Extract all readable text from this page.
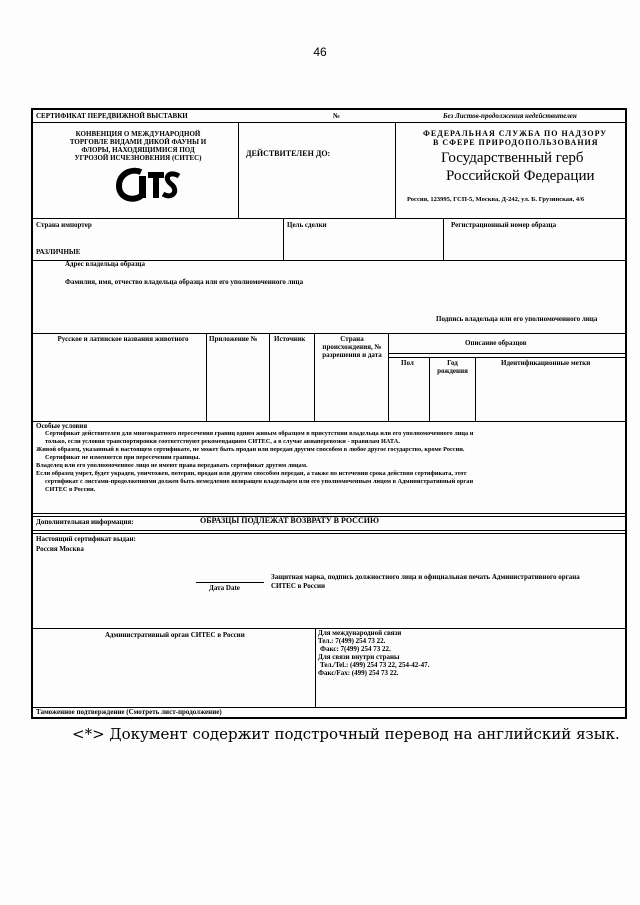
46
СЕРТИФИКАТ ПЕРЕДВИЖНОЙ ВЫСТАВКИ	№	Без Листов-продолжения недействителен
КОНВЕНЦИЯ О МЕЖДУНАРОДНОЙ
ТОРГОВЛЕ ВИДАМИ ДИКОЙ ФАУНЫ И
ФЛОРЫ, НАХОДЯЩИМИСЯ ПОД
УГРОЗОЙ ИСЧЕЗНОВЕНИЯ (СИТЕС)	ДЕЙСТВИТЕЛЕН ДО:
ФЕДЕРАЛЬНАЯ СЛУЖБА ПО НАДЗОРУ
В СФЕРЕ ПРИРОДОПОЛЬЗОВАНИЯ
Государственный герб
Российской Федерации
Россия, 123995, ГСП-5, Москва, Д-242, ул. Б. Грузинская, 4/6
Страна импортер
РАЗЛИЧНЫЕ
Цель сделки	Регистрационный номер образца
Адрес владельца образца
Фамилия, имя, отчество владельца образца или его уполномоченного лица
Подпись владельца или его уполномоченного лица
Русское и латинское названия животного	Приложение № Источник	Страна
происхождения, №
разрешения и дата
Описание образцов
Пол	Год
рождения
Идентификационные метки
Особые условия
Сертификат действителен для многократного пересечения границ одним живым образцом в присутствии владельца или его уполномоченного лица и
только, если условия транспортировки соответствуют рекомендациям СИТЕС, а в случае авиаперевозки - правилам ИАТА.
Живой образец, указанный в настоящем сертификате, не может быть продан или передан другим способом в любое другое государство, кроме России.
Сертификат не изменяется при пересечении границы.
Владелец или его уполномоченное лицо не имеют права передавать сертификат другим лицам.
Если образец умрет, будет украден, уничтожен, потерян, продан или другим способом передан, а также по истечении срока действия сертификата, этот
сертификат с листами-продолжениями должен быть немедленно возвращен владельцем или его уполномоченным лицом в Административный орган
СИТЕС в России.
Дополнительная информация:	ОБРАЗЦЫ ПОДЛЕЖАТ ВОЗВРАТУ В РОССИЮ
Настоящий сертификат выдан:
Россия Москва
Дата Date
Защитная марка, подпись должностного лица и официальная печать Административного органа
СИТЕС в России
Административный орган СИТЕС в России	Для международной связи
Тел.: 7(499) 254 73 22.
Факс: 7(499) 254 73 22.
Для связи внутри страны
Тел./Tel.: (499) 254 73 22, 254-42-47.
Факс/Fax: (499) 254 73 22.
Таможенное подтверждение (Смотреть лист-продолжение)
<*> Документ содержит подстрочный перевод на английский язык.
